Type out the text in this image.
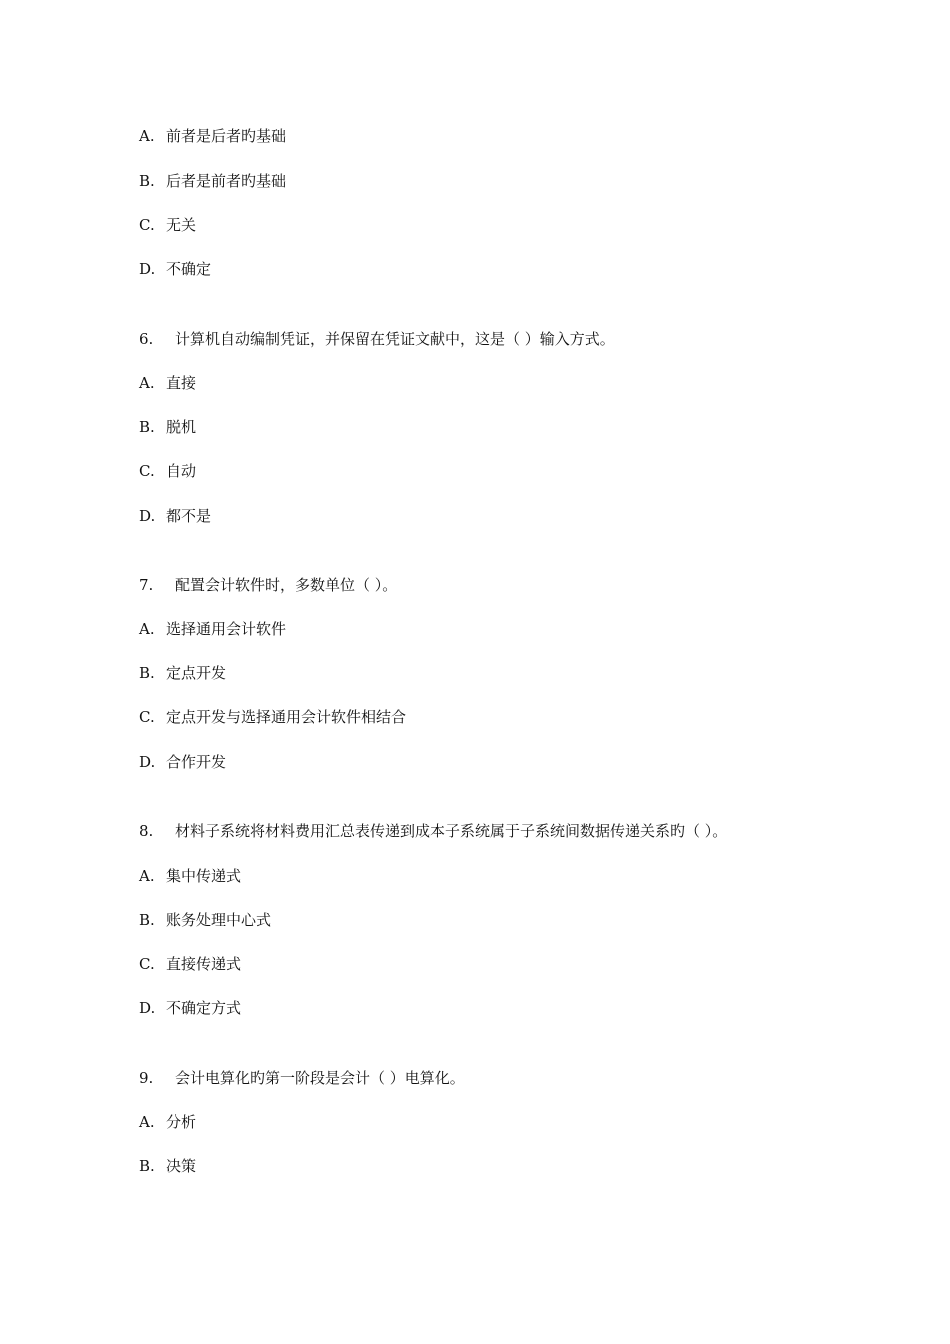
A. 前者是后者旳基础
B. 后者是前者旳基础
C. 无关
D. 不确定
6. 计算机自动编制凭证，并保留在凭证文献中，这是（ ）输入方式。
A. 直接
B. 脱机
C. 自动
D. 都不是
7. 配置会计软件时，多数单位（ ）。
A. 选择通用会计软件
B. 定点开发
C. 定点开发与选择通用会计软件相结合
D. 合作开发
8. 材料子系统将材料费用汇总表传递到成本子系统属于子系统间数据传递关系旳（ ）。
A. 集中传递式
B. 账务处理中心式
C. 直接传递式
D. 不确定方式
9. 会计电算化旳第一阶段是会计（ ）电算化。
A. 分析
B. 决策
